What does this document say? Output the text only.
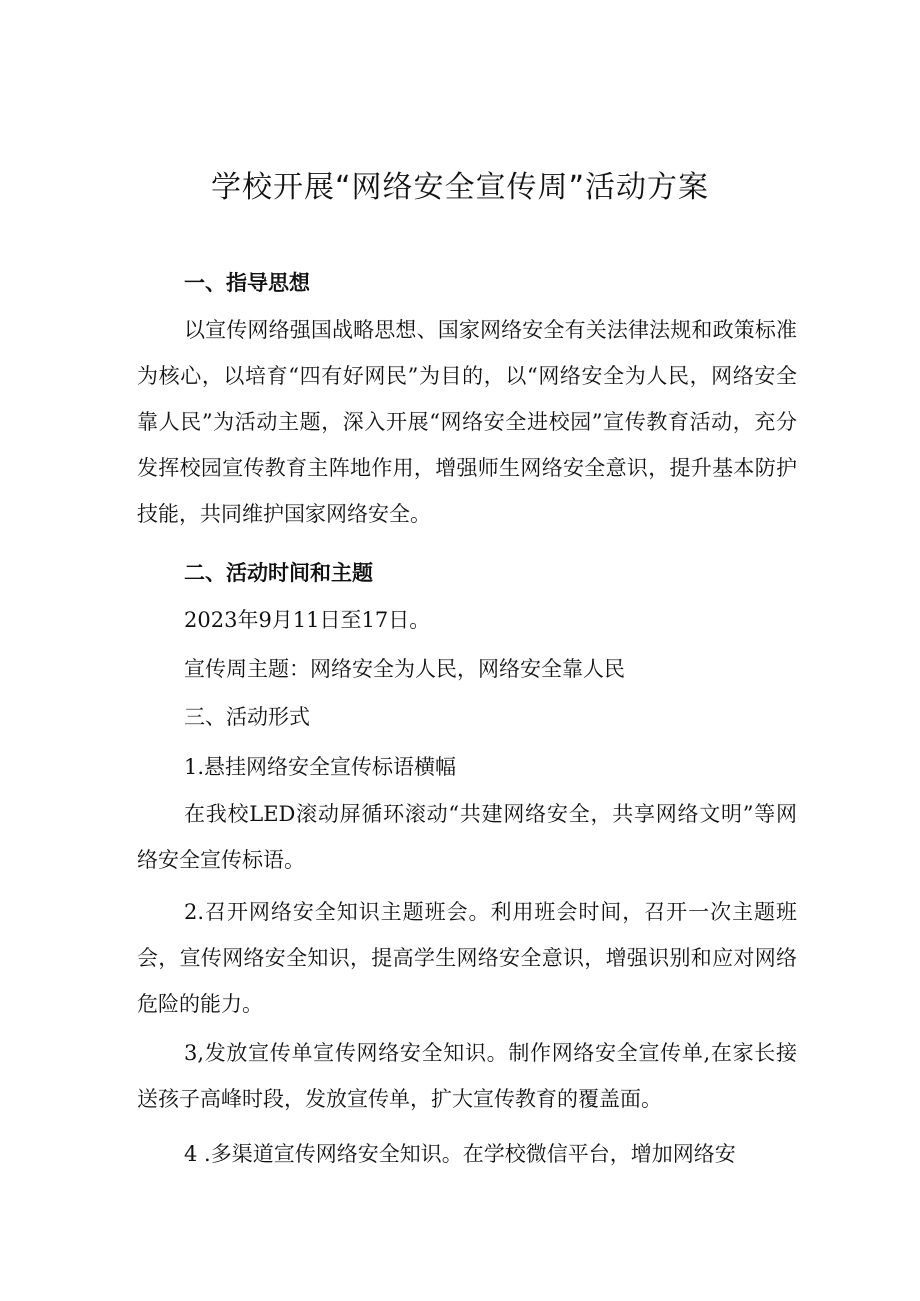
学校开展“网络安全宣传周”活动方案
一、指导思想
以宣传网络强国战略思想、国家网络安全有关法律法规和政策标准为核心，以培育“四有好网民”为目的，以“网络安全为人民，网络安全靠人民”为活动主题，深入开展“网络安全进校园”宣传教育活动，充分发挥校园宣传教育主阵地作用，增强师生网络安全意识，提升基本防护技能，共同维护国家网络安全。
二、活动时间和主题
2023年9月11日至17日。
宣传周主题：网络安全为人民，网络安全靠人民
三、活动形式
1.悬挂网络安全宣传标语横幅
在我校LED滚动屏循环滚动“共建网络安全，共享网络文明”等网络安全宣传标语。
2.召开网络安全知识主题班会。利用班会时间，召开一次主题班会，宣传网络安全知识，提高学生网络安全意识，增强识别和应对网络危险的能力。
3,发放宣传单宣传网络安全知识。制作网络安全宣传单,在家长接送孩子高峰时段，发放宣传单，扩大宣传教育的覆盖面。
4 .多渠道宣传网络安全知识。在学校微信平台，增加网络安
